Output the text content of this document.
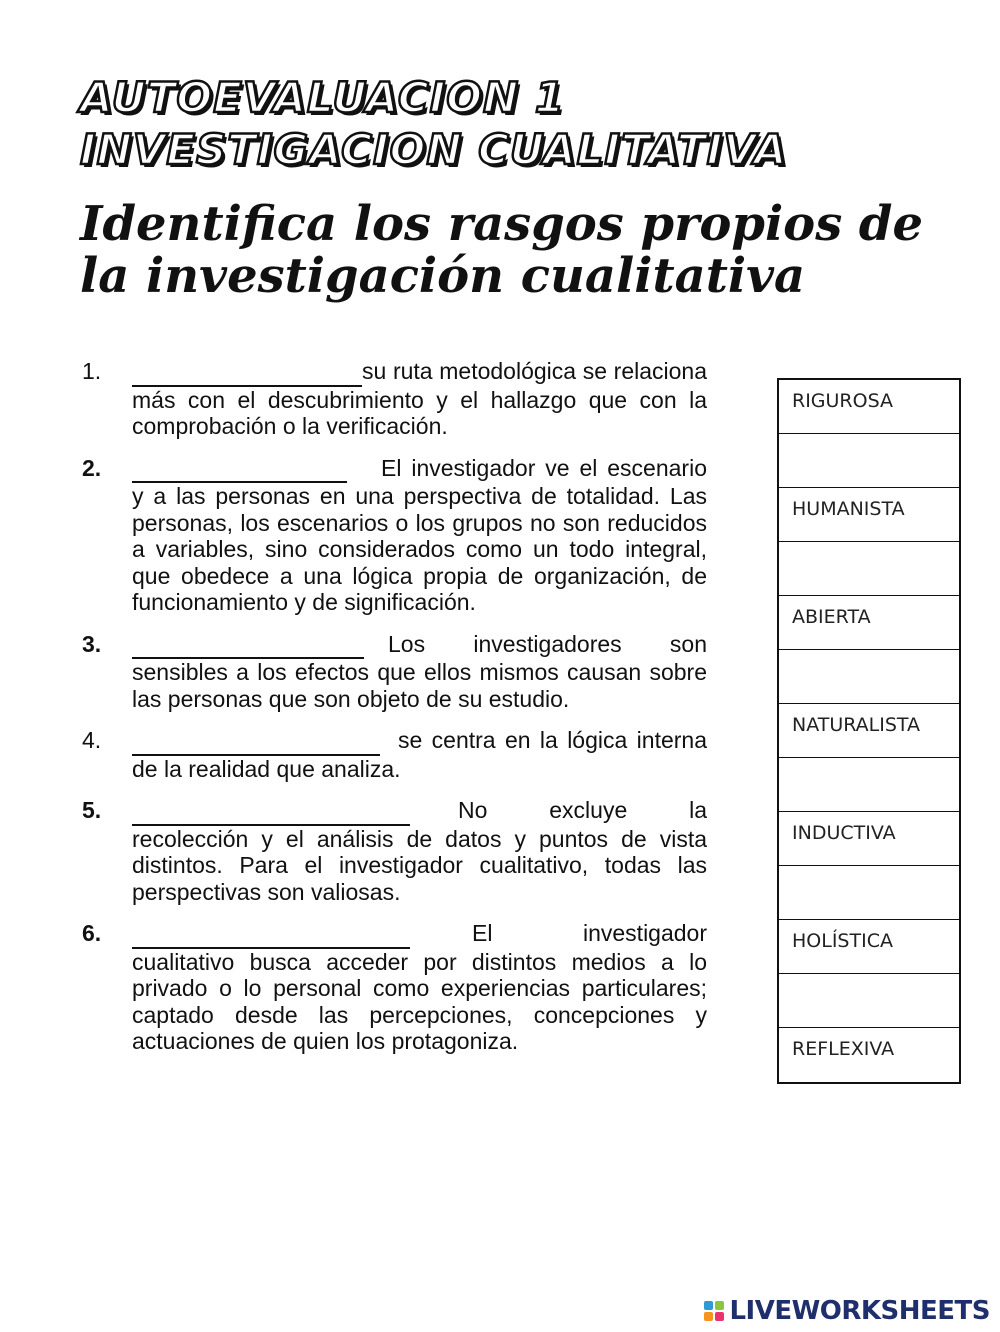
AUTOEVALUACION 1
INVESTIGACION CUALITATIVA
Identifica los rasgos propios de
la investigación cualitativa
1.	su ruta metodológica se relaciona más con el descubrimiento y el hallazgo que con la comprobación o la verificación.
2.	El investigador ve el escenario y a las personas en una perspectiva de totalidad. Las personas, los escenarios o los grupos no son reducidos a variables, sino considerados como un todo integral, que obedece a una lógica propia de organización, de funcionamiento y de significación.
3.	Los investigadores son sensibles a los efectos que ellos mismos causan sobre las personas que son objeto de su estudio.
4.	se centra en la lógica interna de la realidad que analiza.
5.	No excluye la recolección y el análisis de datos y puntos de vista distintos. Para el investigador cualitativo, todas las perspectivas son valiosas.
6.	El investigador cualitativo busca acceder por distintos medios a lo privado o lo personal como experiencias particulares; captado desde las percepciones, concepciones y actuaciones de quien los protagoniza.
RIGUROSA
HUMANISTA
ABIERTA
NATURALISTA
INDUCTIVA
HOLÍSTICA
REFLEXIVA
LIVEWORKSHEETS
